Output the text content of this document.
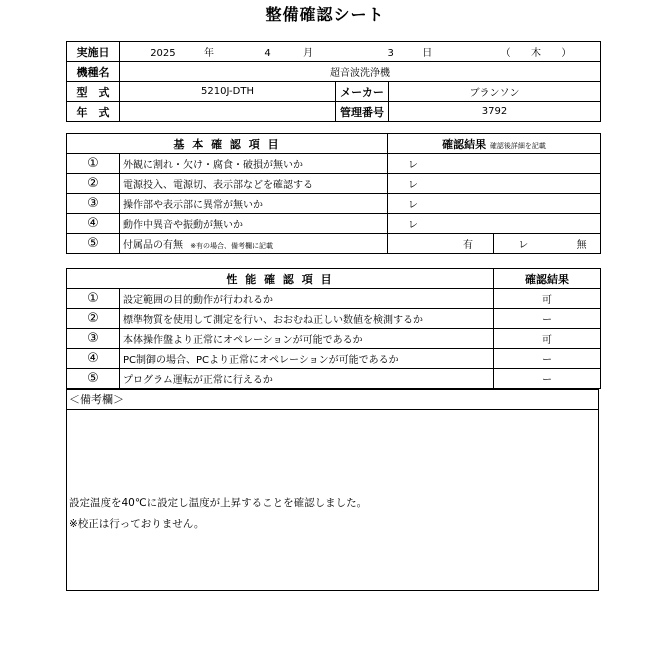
整備確認シート
実施日	2025 年 4 月 3 日 （ 木 ）		
機種名	超音波洗浄機		
型　式	5210J-DTH	メーカー	ブランソン
年　式		管理番号	3792
基 本 確 認 項 目		確認結果 確認後詳細を記載	
①	外観に割れ・欠け・腐食・破損が無いか	レ	
②	電源投入、電源切、表示部などを確認する	レ	
③	操作部や表示部に異常が無いか	レ	
④	動作中異音や振動が無いか	レ	
⑤	付属品の有無 ※有の場合、備考欄に記載	有	レ 無
性 能 確 認 項 目		確認結果
①	設定範囲の目的動作が行われるか	可
②	標準物質を使用して測定を行い、おおむね正しい数値を検測するか	ー
③	本体操作盤より正常にオペレーションが可能であるか	可
④	PC制御の場合、PCより正常にオペレーションが可能であるか	ー
⑤	プログラム運転が正常に行えるか	ー
＜備考欄＞
設定温度を40℃に設定し温度が上昇することを確認しました。
※校正は行っておりません。
